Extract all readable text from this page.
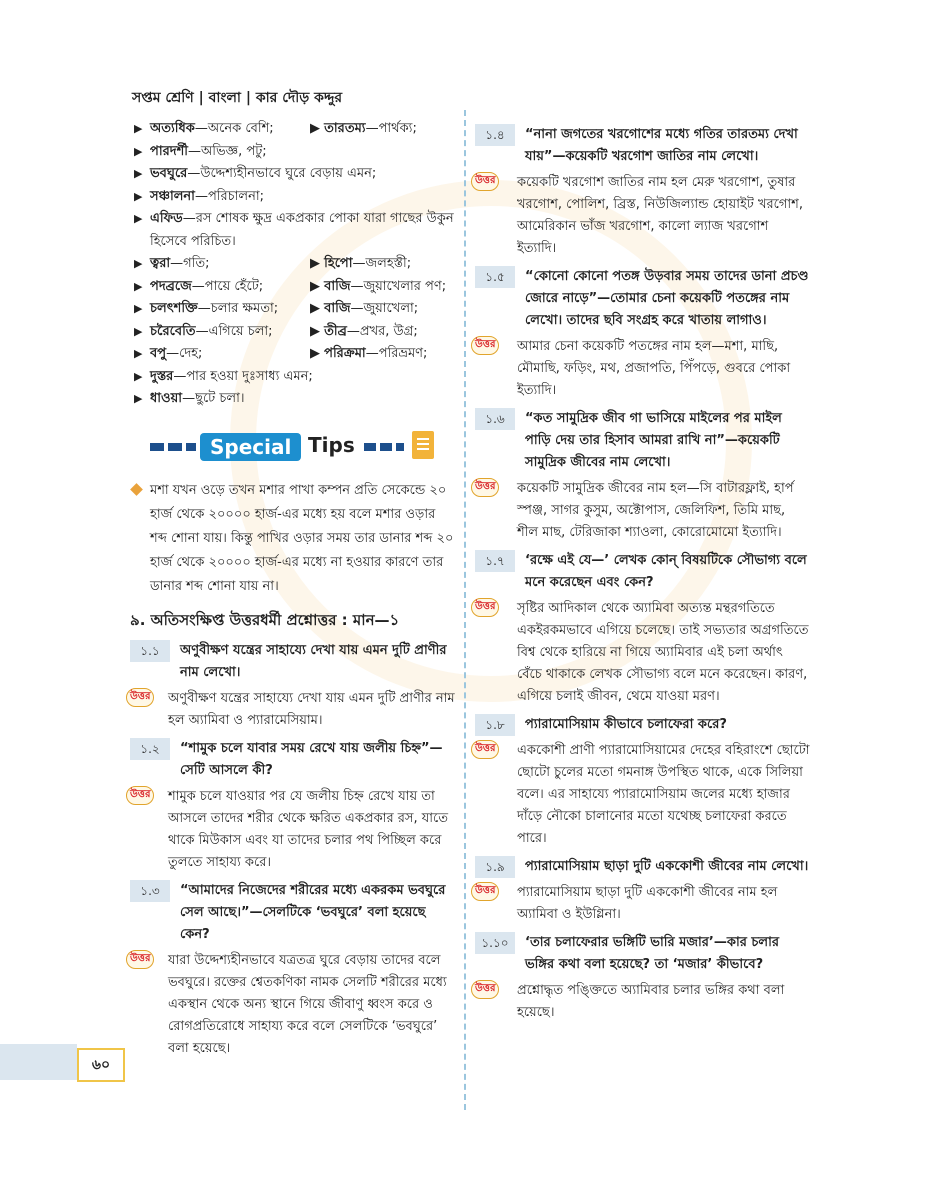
সপ্তম শ্রেণি | বাংলা | কার দৌড় কদ্দুর
▶ অত্যধিক—অনেক বেশি;	▶ তারতম্য—পার্থক্য;
▶ পারদর্শী—অভিজ্ঞ, পটু;
▶ ভবঘুরে—উদ্দেশ্যহীনভাবে ঘুরে বেড়ায় এমন;
▶ সঞ্চালনা—পরিচালনা;
▶ এফিড—রস শোষক ক্ষুদ্র একপ্রকার পোকা যারা গাছের উকুন হিসেবে পরিচিত।
▶ ত্বরা—গতি;	▶ হিপো—জলহস্তী;
▶ পদব্রজে—পায়ে হেঁটে;	▶ বাজি—জুয়াখেলার পণ;
▶ চলৎশক্তি—চলার ক্ষমতা;	▶ বাজি—জুয়াখেলা;
▶ চরৈবেতি—এগিয়ে চলা;	▶ তীব্র—প্রখর, উগ্র;
▶ বপু—দেহ;	▶ পরিক্রমা—পরিভ্রমণ;
▶ দুস্তর—পার হওয়া দুঃসাধ্য এমন;
▶ ধাওয়া—ছুটে চলা।
Special Tips

মশা যখন ওড়ে তখন মশার পাখা কম্পন প্রতি সেকেন্ডে ২০ হার্জ থেকে ২০০০০ হার্জ-এর মধ্যে হয় বলে মশার ওড়ার শব্দ শোনা যায়। কিন্তু পাখির ওড়ার সময় তার ডানার শব্দ ২০ হার্জ থেকে ২০০০০ হার্জ-এর মধ্যে না হওয়ার কারণে তার ডানার শব্দ শোনা যায় না।

৯. অতিসংক্ষিপ্ত উত্তরধর্মী প্রশ্নোত্তর : মান—১
১.১	অণুবীক্ষণ যন্ত্রের সাহায্যে দেখা যায় এমন দুটি প্রাণীর নাম লেখো।
উত্তর	অণুবীক্ষণ যন্ত্রের সাহায্যে দেখা যায় এমন দুটি প্রাণীর নাম হল অ্যামিবা ও প্যারামেসিয়াম।
১.২	“শামুক চলে যাবার সময় রেখে যায় জলীয় চিহ্ন”—সেটি আসলে কী?
উত্তর	শামুক চলে যাওয়ার পর যে জলীয় চিহ্ন রেখে যায় তা আসলে তাদের শরীর থেকে ক্ষরিত একপ্রকার রস, যাতে থাকে মিউকাস এবং যা তাদের চলার পথ পিচ্ছিল করে তুলতে সাহায্য করে।
১.৩	“আমাদের নিজেদের শরীরের মধ্যে একরকম ভবঘুরে সেল আছে।”—সেলটিকে ‘ভবঘুরে’ বলা হয়েছে কেন?
উত্তর	যারা উদ্দেশ্যহীনভাবে যত্রতত্র ঘুরে বেড়ায় তাদের বলে ভবঘুরে। রক্তের শ্বেতকণিকা নামক সেলটি শরীরের মধ্যে একস্থান থেকে অন্য স্থানে গিয়ে জীবাণু ধ্বংস করে ও রোগপ্রতিরোধে সাহায্য করে বলে সেলটিকে ‘ভবঘুরে’ বলা হয়েছে।
১.৪	“নানা জগতের খরগোশের মধ্যে গতির তারতম্য দেখা যায়”—কয়েকটি খরগোশ জাতির নাম লেখো।
উত্তর	কয়েকটি খরগোশ জাতির নাম হল মেরু খরগোশ, তুষার খরগোশ, পোলিশ, ব্রিস্ত, নিউজিল্যান্ড হোয়াইট খরগোশ, আমেরিকান ভাঁজ খরগোশ, কালো ল্যাজ খরগোশ ইত্যাদি।
১.৫	“কোনো কোনো পতঙ্গ উড়বার সময় তাদের ডানা প্রচণ্ড জোরে নাড়ে”—তোমার চেনা কয়েকটি পতঙ্গের নাম লেখো। তাদের ছবি সংগ্রহ করে খাতায় লাগাও।
উত্তর	আমার চেনা কয়েকটি পতঙ্গের নাম হল—মশা, মাছি, মৌমাছি, ফড়িং, মথ, প্রজাপতি, পিঁপড়ে, গুবরে পোকা ইত্যাদি।
১.৬	“কত সামুদ্রিক জীব গা ভাসিয়ে মাইলের পর মাইল পাড়ি দেয় তার হিসাব আমরা রাখি না”—কয়েকটি সামুদ্রিক জীবের নাম লেখো।
উত্তর	কয়েকটি সামুদ্রিক জীবের নাম হল—সি বাটারফ্লাই, হার্প স্পঞ্জ, সাগর কুসুম, অক্টোপাস, জেলিফিশ, তিমি মাছ, শীল মাছ, টেরিজাকা শ্যাওলা, কোরোমোমো ইত্যাদি।
১.৭	‘রক্ষে এই যে—’ লেখক কোন্ বিষয়টিকে সৌভাগ্য বলে মনে করেছেন এবং কেন?
উত্তর	সৃষ্টির আদিকাল থেকে অ্যামিবা অত্যন্ত মন্থরগতিতে একইরকমভাবে এগিয়ে চলেছে। তাই সভ্যতার অগ্রগতিতে বিশ্ব থেকে হারিয়ে না গিয়ে অ্যামিবার এই চলা অর্থাৎ বেঁচে থাকাকে লেখক সৌভাগ্য বলে মনে করেছেন। কারণ, এগিয়ে চলাই জীবন, থেমে যাওয়া মরণ।
১.৮	প্যারামোসিয়াম কীভাবে চলাফেরা করে?
উত্তর	এককোশী প্রাণী প্যারামোসিয়ামের দেহের বহিরাংশে ছোটো ছোটো চুলের মতো গমনাঙ্গ উপস্থিত থাকে, একে সিলিয়া বলে। এর সাহায্যে প্যারামোসিয়াম জলের মধ্যে হাজার দাঁড়ে নৌকো চালানোর মতো যথেচ্ছ চলাফেরা করতে পারে।
১.৯	প্যারামোসিয়াম ছাড়া দুটি এককোশী জীবের নাম লেখো।
উত্তর	প্যারামোসিয়াম ছাড়া দুটি এককোশী জীবের নাম হল অ্যামিবা ও ইউগ্লিনা।
১.১০	‘তার চলাফেরার ভঙ্গিটি ভারি মজার’—কার চলার ভঙ্গির কথা বলা হয়েছে? তা ‘মজার’ কীভাবে?
উত্তর	প্রশ্নোদ্ধৃত পঙ্ক্তিতে অ্যামিবার চলার ভঙ্গির কথা বলা হয়েছে।
৬০
